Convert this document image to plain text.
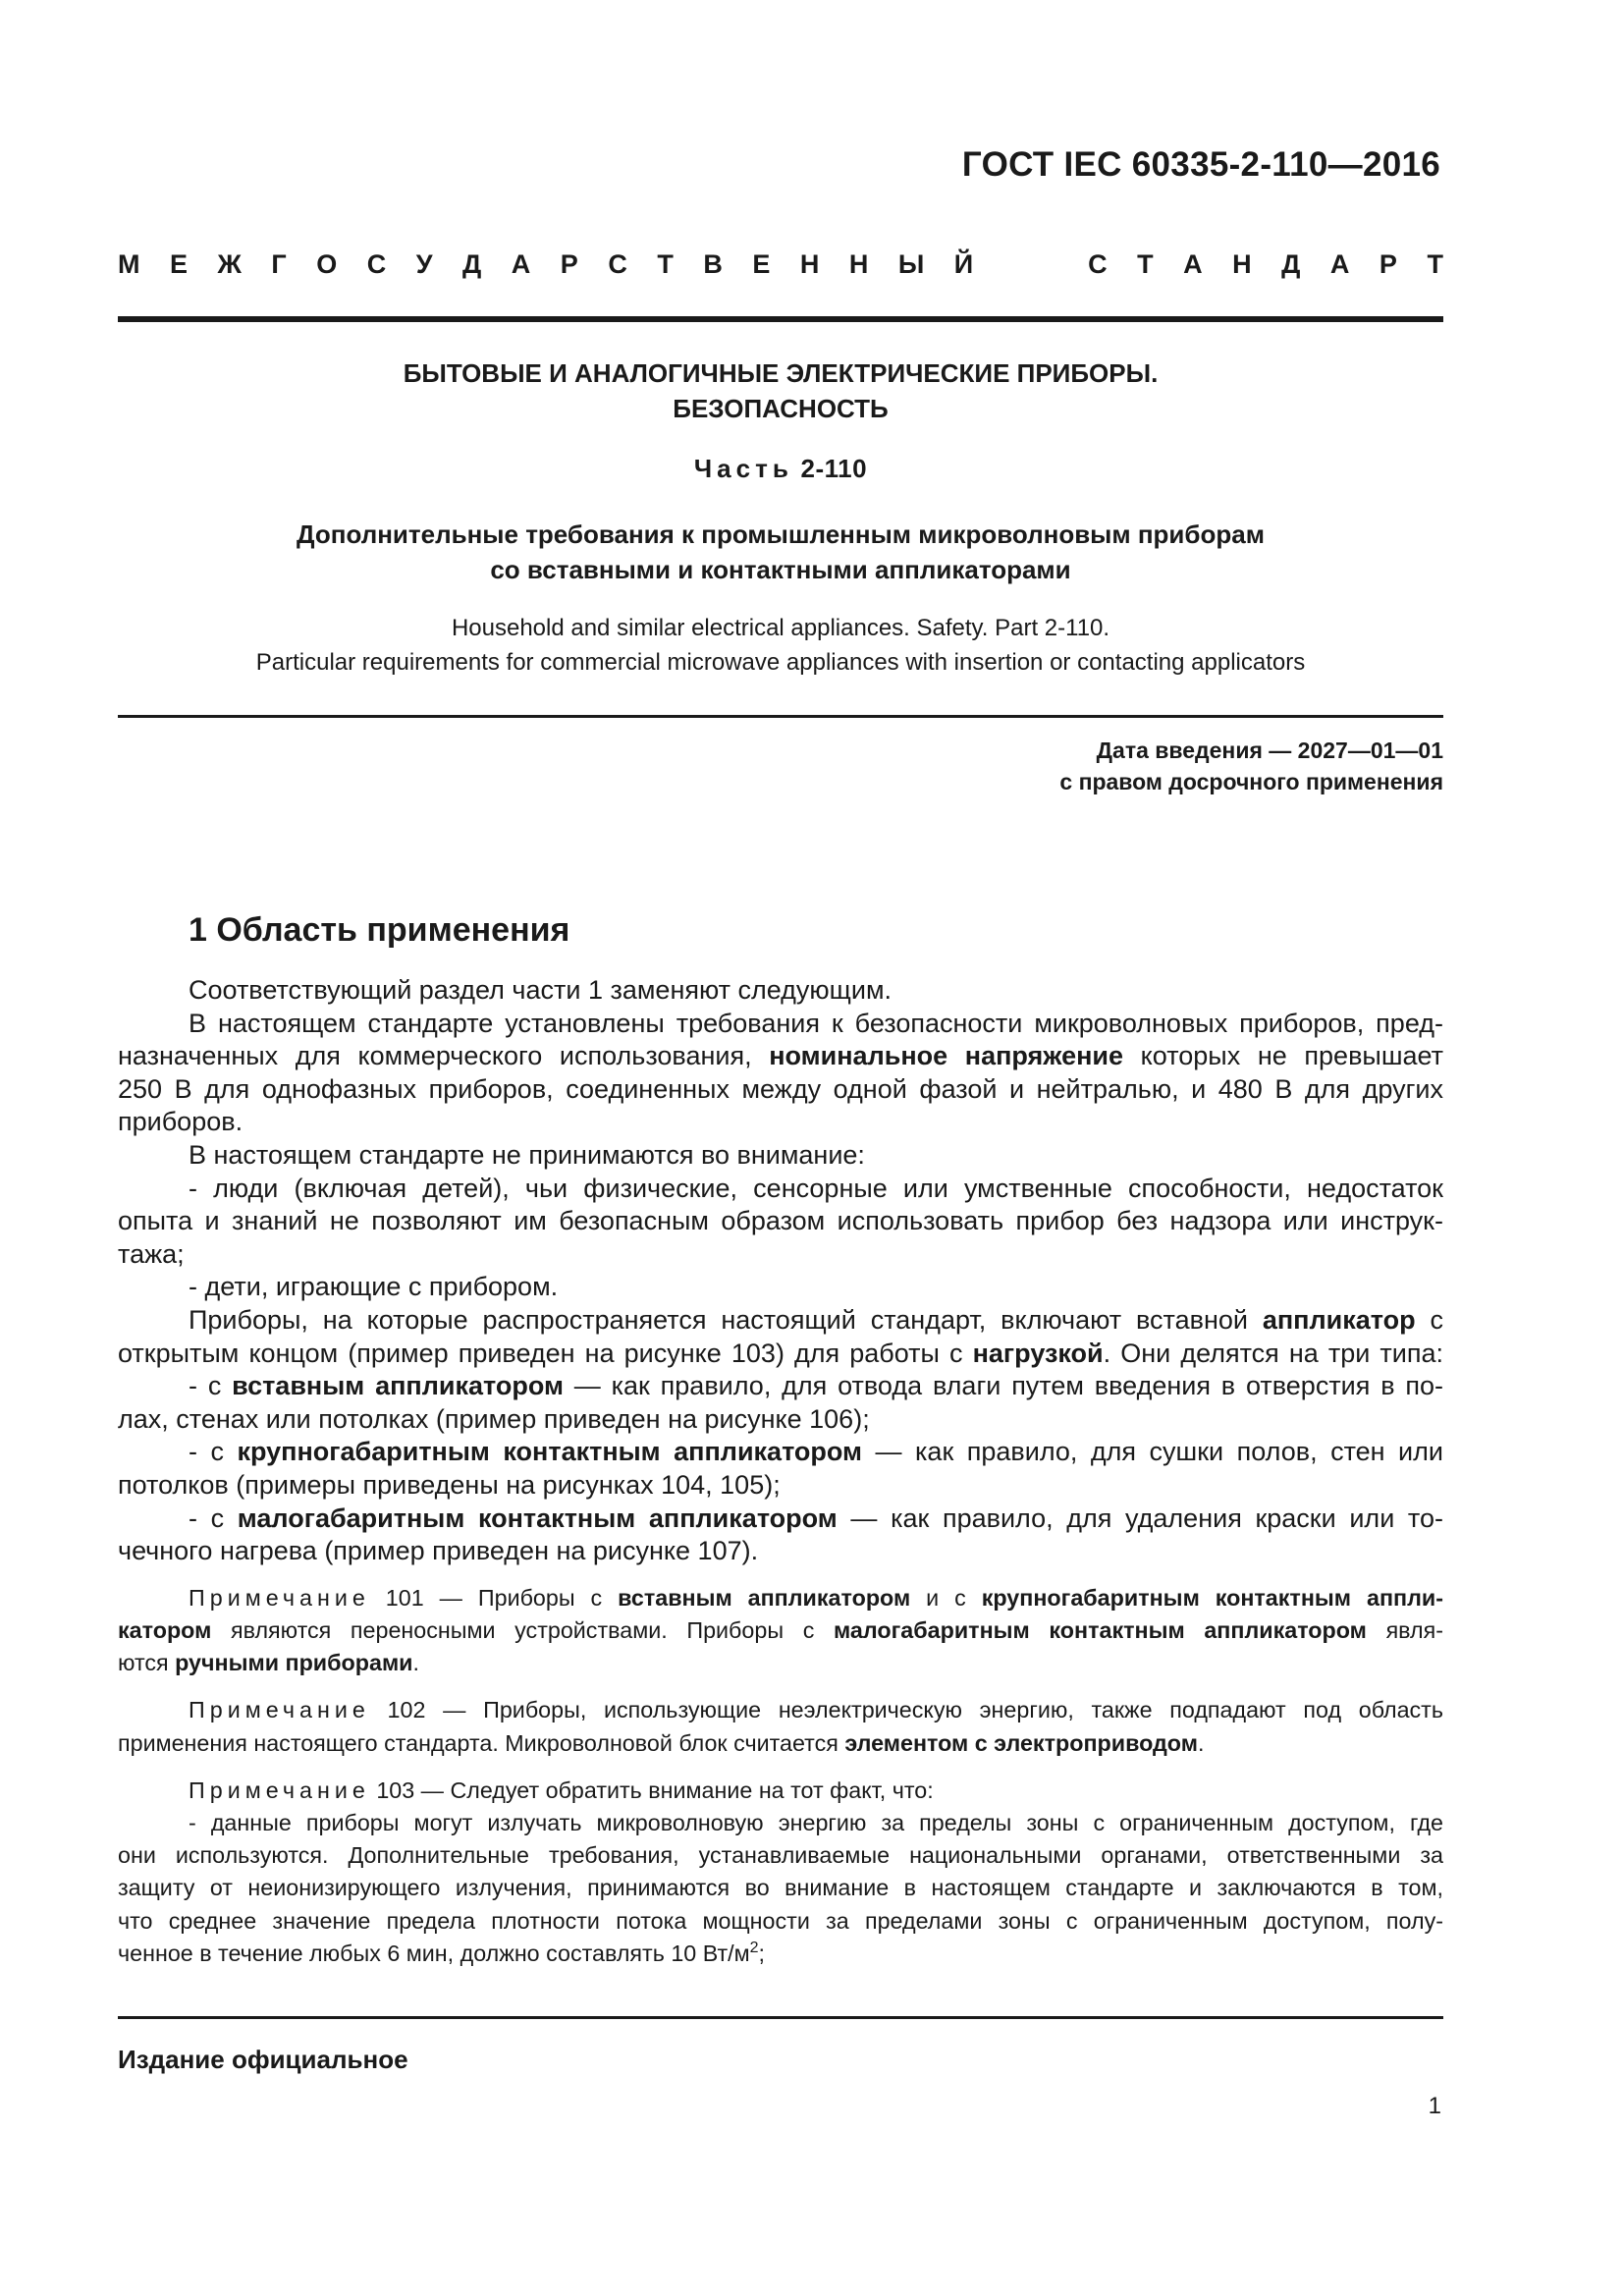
ГОСТ IEC 60335-2-110—2016
М Е Ж Г О С У Д А Р С Т В Е Н Н Ы Й	С Т А Н Д А Р Т
БЫТОВЫЕ И АНАЛОГИЧНЫЕ ЭЛЕКТРИЧЕСКИЕ ПРИБОРЫ.
БЕЗОПАСНОСТЬ
Часть 2-110
Дополнительные требования к промышленным микроволновым приборам
со вставными и контактными аппликаторами
Household and similar electrical appliances. Safety. Part 2-110.
Particular requirements for commercial microwave appliances with insertion or contacting applicators
Дата введения — 2027—01—01
с правом досрочного применения
1 Область применения
Соответствующий раздел части 1 заменяют следующим.
В настоящем стандарте установлены требования к безопасности микроволновых приборов, пред-
назначенных для коммерческого использования, номинальное напряжение которых не превышает
250 В для однофазных приборов, соединенных между одной фазой и нейтралью, и 480 В для других
приборов.
В настоящем стандарте не принимаются во внимание:
- люди (включая детей), чьи физические, сенсорные или умственные способности, недостаток
опыта и знаний не позволяют им безопасным образом использовать прибор без надзора или инструк-
тажа;
- дети, играющие с прибором.
Приборы, на которые распространяется настоящий стандарт, включают вставной аппликатор с
открытым концом (пример приведен на рисунке 103) для работы с нагрузкой. Они делятся на три типа:
- с вставным аппликатором — как правило, для отвода влаги путем введения в отверстия в по-
лах, стенах или потолках (пример приведен на рисунке 106);
- с крупногабаритным контактным аппликатором — как правило, для сушки полов, стен или
потолков (примеры приведены на рисунках 104, 105);
- с малогабаритным контактным аппликатором — как правило, для удаления краски или то-
чечного нагрева (пример приведен на рисунке 107).
Примечание 101 — Приборы с вставным аппликатором и с крупногабаритным контактным аппли-
катором являются переносными устройствами. Приборы с малогабаритным контактным аппликатором явля-
ются ручными приборами.
Примечание 102 — Приборы, использующие неэлектрическую энергию, также подпадают под область
применения настоящего стандарта. Микроволновой блок считается элементом с электроприводом.
Примечание 103 — Следует обратить внимание на тот факт, что:
- данные приборы могут излучать микроволновую энергию за пределы зоны с ограниченным доступом, где
они используются. Дополнительные требования, устанавливаемые национальными органами, ответственными за
защиту от неионизирующего излучения, принимаются во внимание в настоящем стандарте и заключаются в том,
что среднее значение предела плотности потока мощности за пределами зоны с ограниченным доступом, полу-
ченное в течение любых 6 мин, должно составлять 10 $Вт/м^2$;
Издание официальное
1
